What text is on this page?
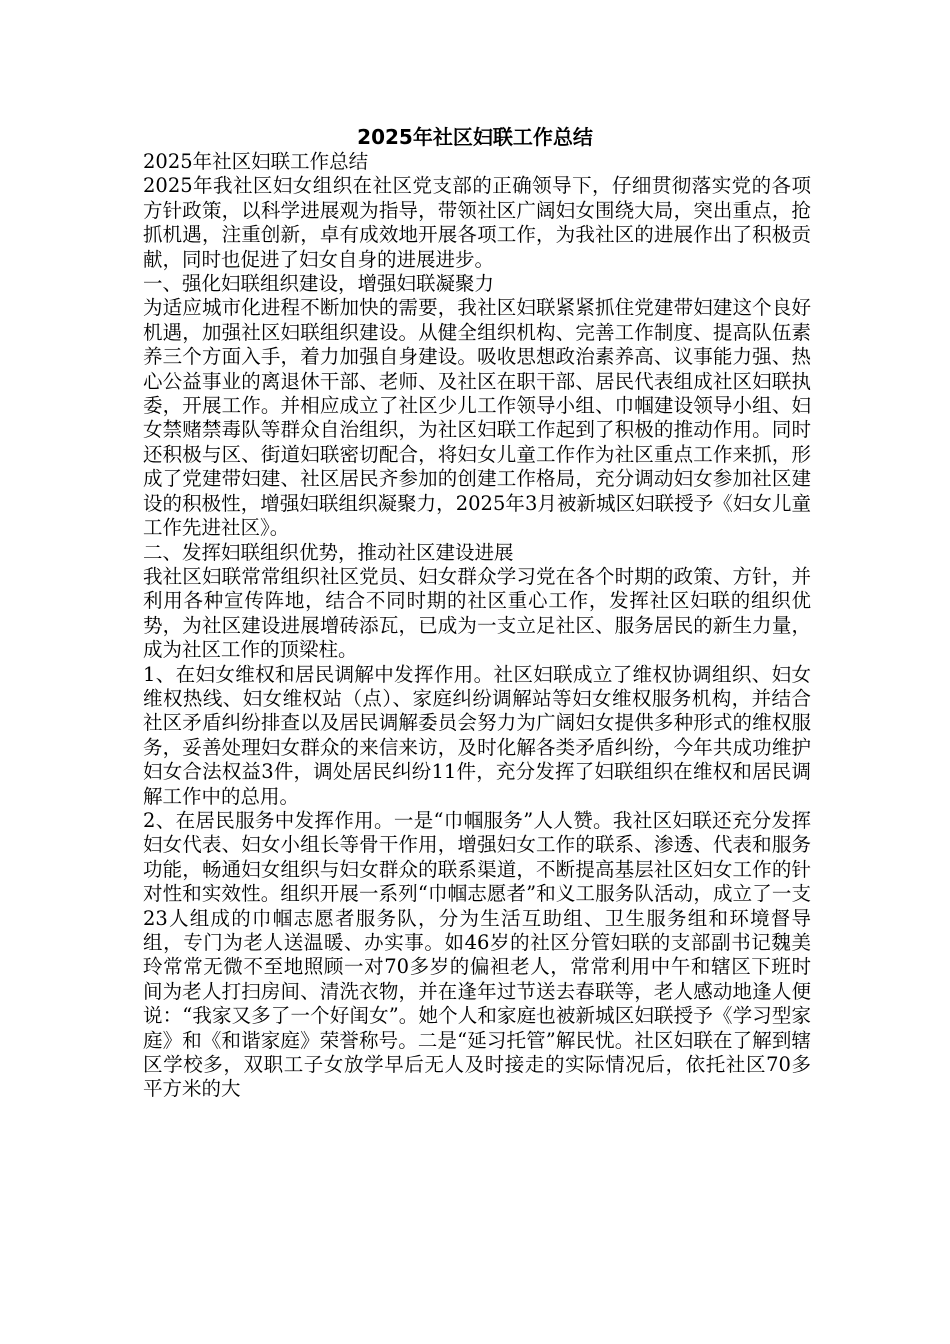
2025年社区妇联工作总结

2025年社区妇联工作总结

2025年我社区妇女组织在社区党支部的正确领导下，仔细贯彻落实党的各项方针政策，以科学进展观为指导，带领社区广阔妇女围绕大局，突出重点，抢抓机遇，注重创新，卓有成效地开展各项工作，为我社区的进展作出了积极贡献，同时也促进了妇女自身的进展进步。

一、强化妇联组织建设，增强妇联凝聚力

为适应城市化进程不断加快的需要，我社区妇联紧紧抓住党建带妇建这个良好机遇，加强社区妇联组织建设。从健全组织机构、完善工作制度、提高队伍素养三个方面入手，着力加强自身建设。吸收思想政治素养高、议事能力强、热心公益事业的离退休干部、老师、及社区在职干部、居民代表组成社区妇联执委，开展工作。并相应成立了社区少儿工作领导小组、巾帼建设领导小组、妇女禁赌禁毒队等群众自治组织，为社区妇联工作起到了积极的推动作用。同时还积极与区、街道妇联密切配合，将妇女儿童工作作为社区重点工作来抓，形成了党建带妇建、社区居民齐参加的创建工作格局，充分调动妇女参加社区建设的积极性，增强妇联组织凝聚力，2025年3月被新城区妇联授予《妇女儿童工作先进社区》。

二、发挥妇联组织优势，推动社区建设进展

我社区妇联常常组织社区党员、妇女群众学习党在各个时期的政策、方针，并利用各种宣传阵地，结合不同时期的社区重心工作，发挥社区妇联的组织优势，为社区建设进展增砖添瓦，已成为一支立足社区、服务居民的新生力量，成为社区工作的顶梁柱。

1、在妇女维权和居民调解中发挥作用。社区妇联成立了维权协调组织、妇女维权热线、妇女维权站（点）、家庭纠纷调解站等妇女维权服务机构，并结合社区矛盾纠纷排查以及居民调解委员会努力为广阔妇女提供多种形式的维权服务，妥善处理妇女群众的来信来访，及时化解各类矛盾纠纷，今年共成功维护妇女合法权益3件，调处居民纠纷11件，充分发挥了妇联组织在维权和居民调解工作中的总用。

2、在居民服务中发挥作用。一是“巾帼服务”人人赞。我社区妇联还充分发挥妇女代表、妇女小组长等骨干作用，增强妇女工作的联系、渗透、代表和服务功能，畅通妇女组织与妇女群众的联系渠道，不断提高基层社区妇女工作的针对性和实效性。组织开展一系列“巾帼志愿者”和义工服务队活动，成立了一支23人组成的巾帼志愿者服务队，分为生活互助组、卫生服务组和环境督导组，专门为老人送温暖、办实事。如46岁的社区分管妇联的支部副书记魏美玲常常无微不至地照顾一对70多岁的偏袒老人，常常利用中午和辖区下班时间为老人打扫房间、清洗衣物，并在逢年过节送去春联等，老人感动地逢人便说：“我家又多了一个好闺女”。她个人和家庭也被新城区妇联授予《学习型家庭》和《和谐家庭》荣誉称号。二是“延习托管”解民忧。社区妇联在了解到辖区学校多，双职工子女放学早后无人及时接走的实际情况后，依托社区70多平方米的大
